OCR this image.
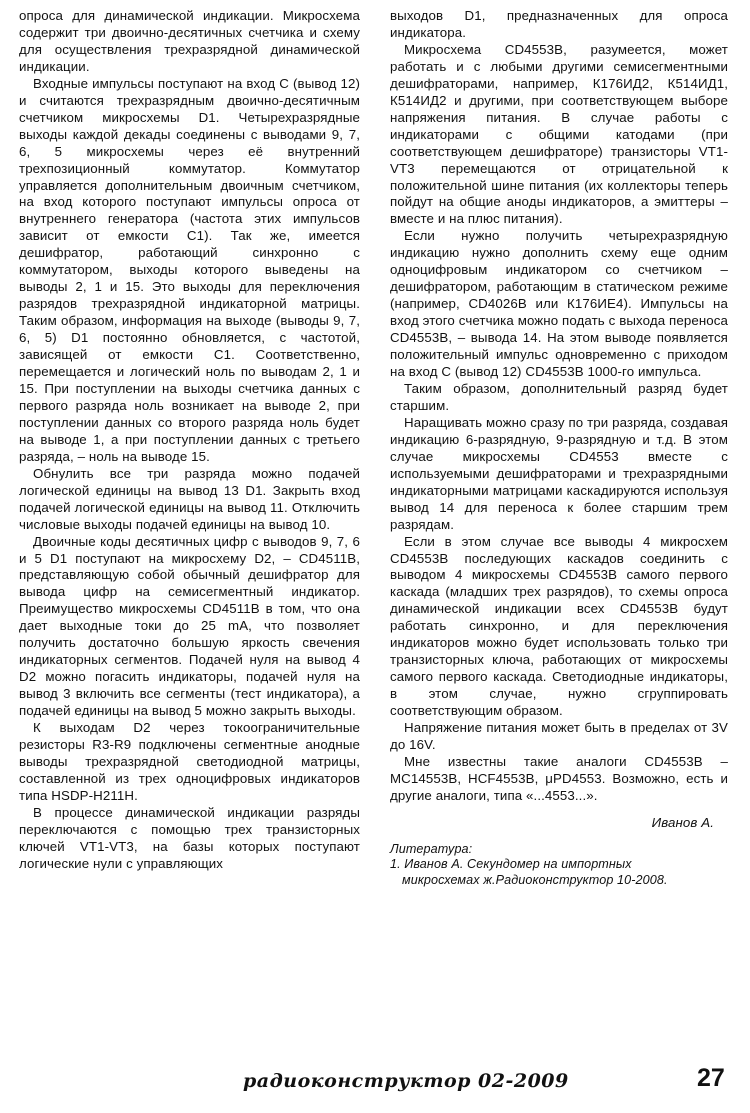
опроса для динамической индикации. Микросхема содержит три двоично-десятичных счетчика и схему для осуществления трехразрядной динамической индикации.

Входные импульсы поступают на вход С (вывод 12) и считаются трехразрядным двоично-десятичным счетчиком микросхемы D1. Четырехразрядные выходы каждой декады соединены с выводами 9, 7, 6, 5 микросхемы через её внутренний трехпозиционный коммутатор. Коммутатор управляется дополнительным двоичным счетчиком, на вход которого поступают импульсы опроса от внутреннего генератора (частота этих импульсов зависит от емкости С1). Так же, имеется дешифратор, работающий синхронно с коммутатором, выходы которого выведены на выводы 2, 1 и 15. Это выходы для переключения разрядов трехразрядной индикаторной матрицы. Таким образом, информация на выходе (выводы 9, 7, 6, 5) D1 постоянно обновляется, с частотой, зависящей от емкости С1. Соответственно, перемещается и логический ноль по выводам 2, 1 и 15. При поступлении на выходы счетчика данных с первого разряда ноль возникает на выводе 2, при поступлении данных со второго разряда ноль будет на выводе 1, а при поступлении данных с третьего разряда, – ноль на выводе 15.

Обнулить все три разряда можно подачей логической единицы на вывод 13 D1. Закрыть вход подачей логической единицы на вывод 11. Отключить числовые выходы подачей единицы на вывод 10.

Двоичные коды десятичных цифр с выводов 9, 7, 6 и 5 D1 поступают на микросхему D2, – CD4511B, представляющую собой обычный дешифратор для вывода цифр на семисегментный индикатор. Преимущество микросхемы CD4511B в том, что она дает выходные токи до 25 mA, что позволяет получить достаточно большую яркость свечения индикаторных сегментов. Подачей нуля на вывод 4 D2 можно погасить индикаторы, подачей нуля на вывод 3 включить все сегменты (тест индикатора), а подачей единицы на вывод 5 можно закрыть выходы.

К выходам D2 через токоограничительные резисторы R3-R9 подключены сегментные анодные выводы трехразрядной светодиодной матрицы, составленной из трех одноцифровых индикаторов типа HSDP-H211H.

В процессе динамической индикации разряды переключаются с помощью трех транзисторных ключей VT1-VT3, на базы которых поступают логические нули с управляющих

выходов D1, предназначенных для опроса индикатора.

Микросхема CD4553B, разумеется, может работать и с любыми другими семисегментными дешифраторами, например, К176ИД2, К514ИД1, К514ИД2 и другими, при соответствующем выборе напряжения питания. В случае работы с индикаторами с общими катодами (при соответствующем дешифраторе) транзисторы VT1-VT3 перемещаются от отрицательной к положительной шине питания (их коллекторы теперь пойдут на общие аноды индикаторов, а эмиттеры – вместе и на плюс питания).

Если нужно получить четырехразрядную индикацию нужно дополнить схему еще одним одноцифровым индикатором со счетчиком – дешифратором, работающим в статическом режиме (например, CD4026B или К176ИЕ4). Импульсы на вход этого счетчика можно подать с выхода переноса CD4553B, – вывода 14. На этом выводе появляется положительный импульс одновременно с приходом на вход С (вывод 12) CD4553B 1000-го импульса.

Таким образом, дополнительный разряд будет старшим.

Наращивать можно сразу по три разряда, создавая индикацию 6-разрядную, 9-разрядную и т.д. В этом случае микросхемы CD4553 вместе с используемыми дешифраторами и трехразрядными индикаторными матрицами каскадируются используя вывод 14 для переноса к более старшим трем разрядам.

Если в этом случае все выводы 4 микросхем CD4553B последующих каскадов соединить с выводом 4 микросхемы CD4553B самого первого каскада (младших трех разрядов), то схемы опроса динамической индикации всех CD4553B будут работать синхронно, и для переключения индикаторов можно будет использовать только три транзисторных ключа, работающих от микросхемы самого первого каскада. Светодиодные индикаторы, в этом случае, нужно сгруппировать соответствующим образом.

Напряжение питания может быть в пределах от 3V до 16V.

Мне известны такие аналоги CD4553B – MC14553B, HCF4553B, μPD4553. Возможно, есть и другие аналоги, типа «...4553...».

Иванов А.
Литература:
1. Иванов А. Секундомер на импортных
микросхемах ж.Радиоконструктор 10-2008.
радиоконструктор 02-2009	27
